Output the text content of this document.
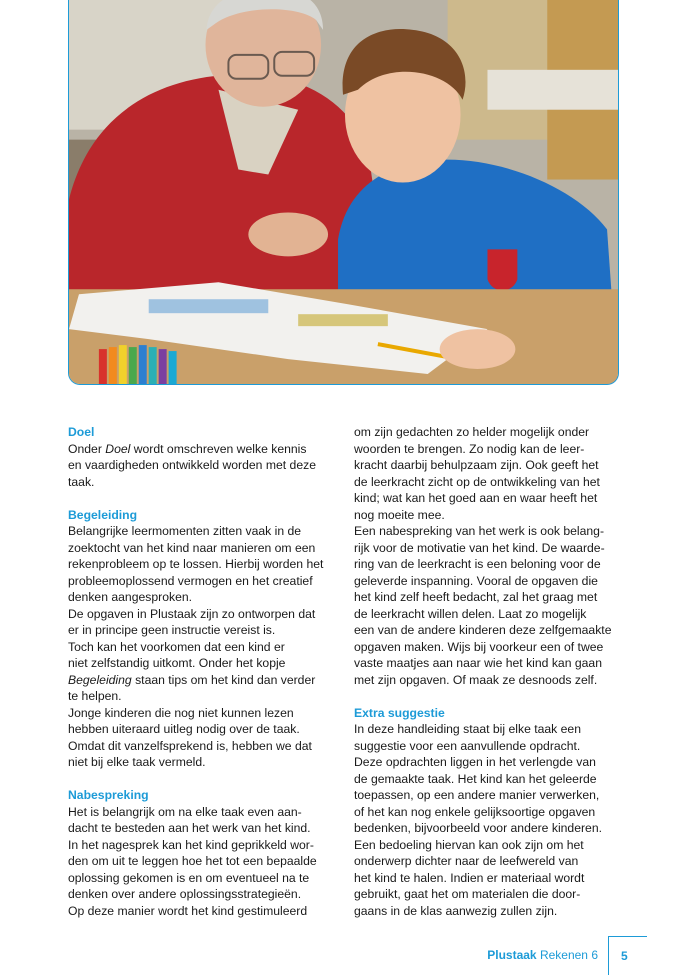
Doel
Onder Doel wordt omschreven welke kennis
en vaardigheden ontwikkeld worden met deze
taak.
Begeleiding
Belangrijke leermomenten zitten vaak in de
zoektocht van het kind naar manieren om een
rekenprobleem op te lossen. Hierbij worden het
probleemoplossend vermogen en het creatief
denken aangesproken.
De opgaven in Plustaak zijn zo ontworpen dat
er in principe geen instructie vereist is.
Toch kan het voorkomen dat een kind er
niet zelfstandig uitkomt. Onder het kopje
Begeleiding staan tips om het kind dan verder
te helpen.
Jonge kinderen die nog niet kunnen lezen
hebben uiteraard uitleg nodig over de taak.
Omdat dit vanzelfsprekend is, hebben we dat
niet bij elke taak vermeld.
Nabespreking
Het is belangrijk om na elke taak even aan-
dacht te besteden aan het werk van het kind.
In het nagesprek kan het kind geprikkeld wor-
den om uit te leggen hoe het tot een bepaalde
oplossing gekomen is en om eventueel na te
denken over andere oplossingsstrategieën.
Op deze manier wordt het kind gestimuleerd
om zijn gedachten zo helder mogelijk onder
woorden te brengen. Zo nodig kan de leer-
kracht daarbij behulpzaam zijn. Ook geeft het
de leerkracht zicht op de ontwikkeling van het
kind; wat kan het goed aan en waar heeft het
nog moeite mee.
Een nabespreking van het werk is ook belang-
rijk voor de motivatie van het kind. De waarde-
ring van de leerkracht is een beloning voor de
geleverde inspanning. Vooral de opgaven die
het kind zelf heeft bedacht, zal het graag met
de leerkracht willen delen. Laat zo mogelijk
een van de andere kinderen deze zelfgemaakte
opgaven maken. Wijs bij voorkeur een of twee
vaste maatjes aan naar wie het kind kan gaan
met zijn opgaven. Of maak ze desnoods zelf.
Extra suggestie
In deze handleiding staat bij elke taak een
suggestie voor een aanvullende opdracht.
Deze opdrachten liggen in het verlengde van
de gemaakte taak. Het kind kan het geleerde
toepassen, op een andere manier verwerken,
of het kan nog enkele gelijksoortige opgaven
bedenken, bijvoorbeeld voor andere kinderen.
Een bedoeling hiervan kan ook zijn om het
onderwerp dichter naar de leefwereld van
het kind te halen. Indien er materiaal wordt
gebruikt, gaat het om materialen die door-
gaans in de klas aanwezig zullen zijn.
Plustaak Rekenen 6	5
